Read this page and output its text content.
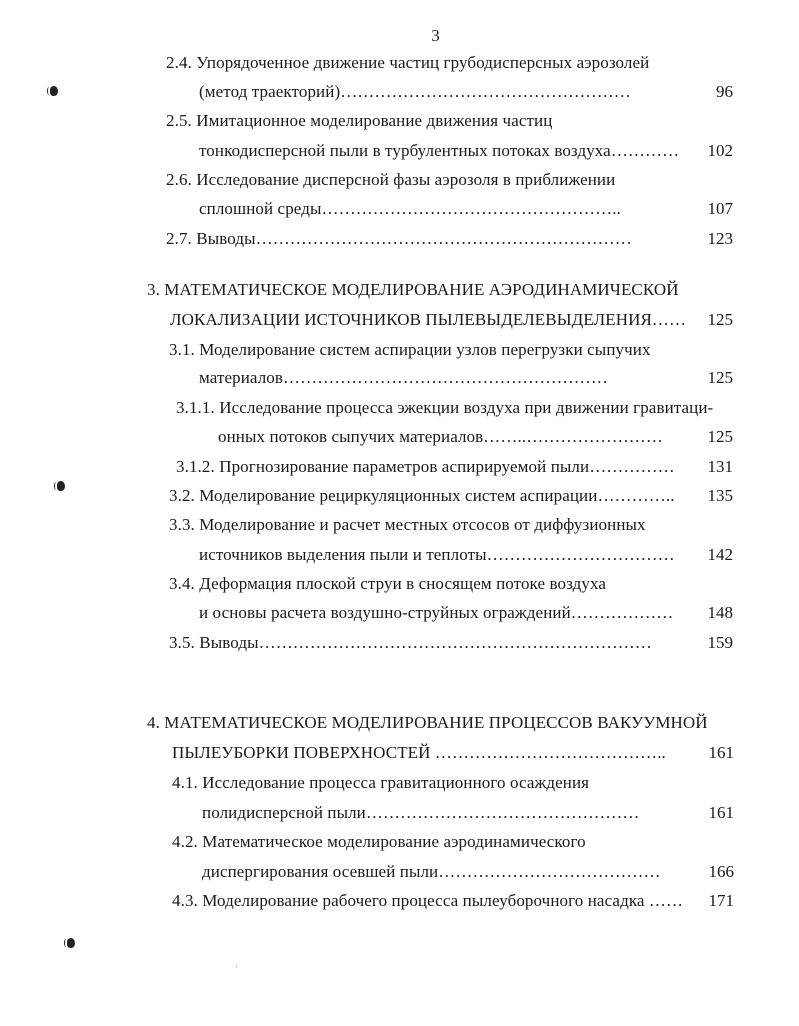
3
2.4. Упорядоченное движение частиц грубодисперсных аэрозолей
(метод траекторий)……………………………………………	96
2.5. Имитационное моделирование движения частиц
тонкодисперсной пыли в турбулентных потоках воздуха…………	102
2.6. Исследование дисперсной фазы аэрозоля в приближении
сплошной среды……………………………………………..	107
2.7. Выводы…………………………………………………………	123
3. МАТЕМАТИЧЕСКОЕ МОДЕЛИРОВАНИЕ АЭРОДИНАМИЧЕСКОЙ
ЛОКАЛИЗАЦИИ ИСТОЧНИКОВ ПЫЛЕВЫДЕЛЕВЫДЕЛЕНИЯ……	125
3.1. Моделирование систем аспирации узлов перегрузки сыпучих
материалов…………………………………………………	125
3.1.1. Исследование процесса эжекции воздуха при движении гравитаци-
онных потоков сыпучих материалов……..……………………	125
3.1.2. Прогнозирование параметров аспирируемой пыли……………	131
3.2. Моделирование рециркуляционных систем аспирации…………..	135
3.3. Моделирование и расчет местных отсосов от диффузионных
источников выделения пыли и теплоты……………………………	142
3.4. Деформация плоской струи в сносящем потоке воздуха
и основы расчета воздушно-струйных ограждений………………	148
3.5. Выводы……………………………………………………………	159
4. МАТЕМАТИЧЕСКОЕ МОДЕЛИРОВАНИЕ ПРОЦЕССОВ ВАКУУМНОЙ
ПЫЛЕУБОРКИ ПОВЕРХНОСТЕЙ …………………………………..	161
4.1. Исследование процесса гравитационного осаждения
полидисперсной пыли…………………………………………	161
4.2. Математическое моделирование аэродинамического
диспергирования осевшей пыли…………………………………	166
4.3. Моделирование рабочего процесса пылеуборочного насадка ……	171
